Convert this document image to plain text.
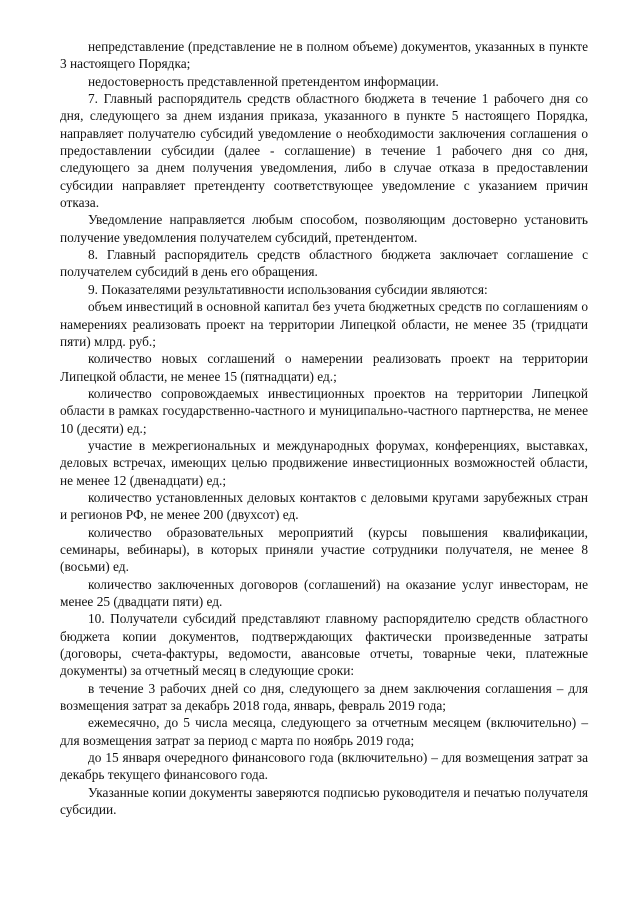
непредставление (представление не в полном объеме) документов, указанных в пункте 3 настоящего Порядка;

недостоверность представленной претендентом информации.

7. Главный распорядитель средств областного бюджета в течение 1 рабочего дня со дня, следующего за днем издания приказа, указанного в пункте 5 настоящего Порядка, направляет получателю субсидий уведомление о необходимости заключения соглашения о предоставлении субсидии (далее - соглашение) в течение 1 рабочего дня со дня, следующего за днем получения уведомления, либо в случае отказа в предоставлении субсидии направляет претенденту соответствующее уведомление с указанием причин отказа.

Уведомление направляется любым способом, позволяющим достоверно установить получение уведомления получателем субсидий, претендентом.

8. Главный распорядитель средств областного бюджета заключает соглашение с получателем субсидий в день его обращения.

9. Показателями результативности использования субсидии являются:

объем инвестиций в основной капитал без учета бюджетных средств по соглашениям о намерениях реализовать проект на территории Липецкой области, не менее 35 (тридцати пяти) млрд. руб.;

количество новых соглашений о намерении реализовать проект на территории Липецкой области, не менее 15 (пятнадцати) ед.;

количество сопровождаемых инвестиционных проектов на территории Липецкой области в рамках государственно-частного и муниципально-частного партнерства, не менее 10 (десяти) ед.;

участие в межрегиональных и международных форумах, конференциях, выставках, деловых встречах, имеющих целью продвижение инвестиционных возможностей области, не менее 12 (двенадцати) ед.;

количество установленных деловых контактов с деловыми кругами зарубежных стран и регионов РФ, не менее 200 (двухсот) ед.

количество образовательных мероприятий (курсы повышения квалификации, семинары, вебинары), в которых приняли участие сотрудники получателя, не менее 8 (восьми) ед.

количество заключенных договоров (соглашений) на оказание услуг инвесторам, не менее 25 (двадцати пяти) ед.

10. Получатели субсидий представляют главному распорядителю средств областного бюджета копии документов, подтверждающих фактически произведенные затраты (договоры, счета-фактуры, ведомости, авансовые отчеты, товарные чеки, платежные документы) за отчетный месяц в следующие сроки:

в течение 3 рабочих дней со дня, следующего за днем заключения соглашения – для возмещения затрат за декабрь 2018 года, январь, февраль 2019 года;

ежемесячно, до 5 числа месяца, следующего за отчетным месяцем (включительно) – для возмещения затрат за период с марта по ноябрь 2019 года;

до 15 января очередного финансового года (включительно) – для возмещения затрат за декабрь текущего финансового года.

Указанные копии документы заверяются подписью руководителя и печатью получателя субсидии.
